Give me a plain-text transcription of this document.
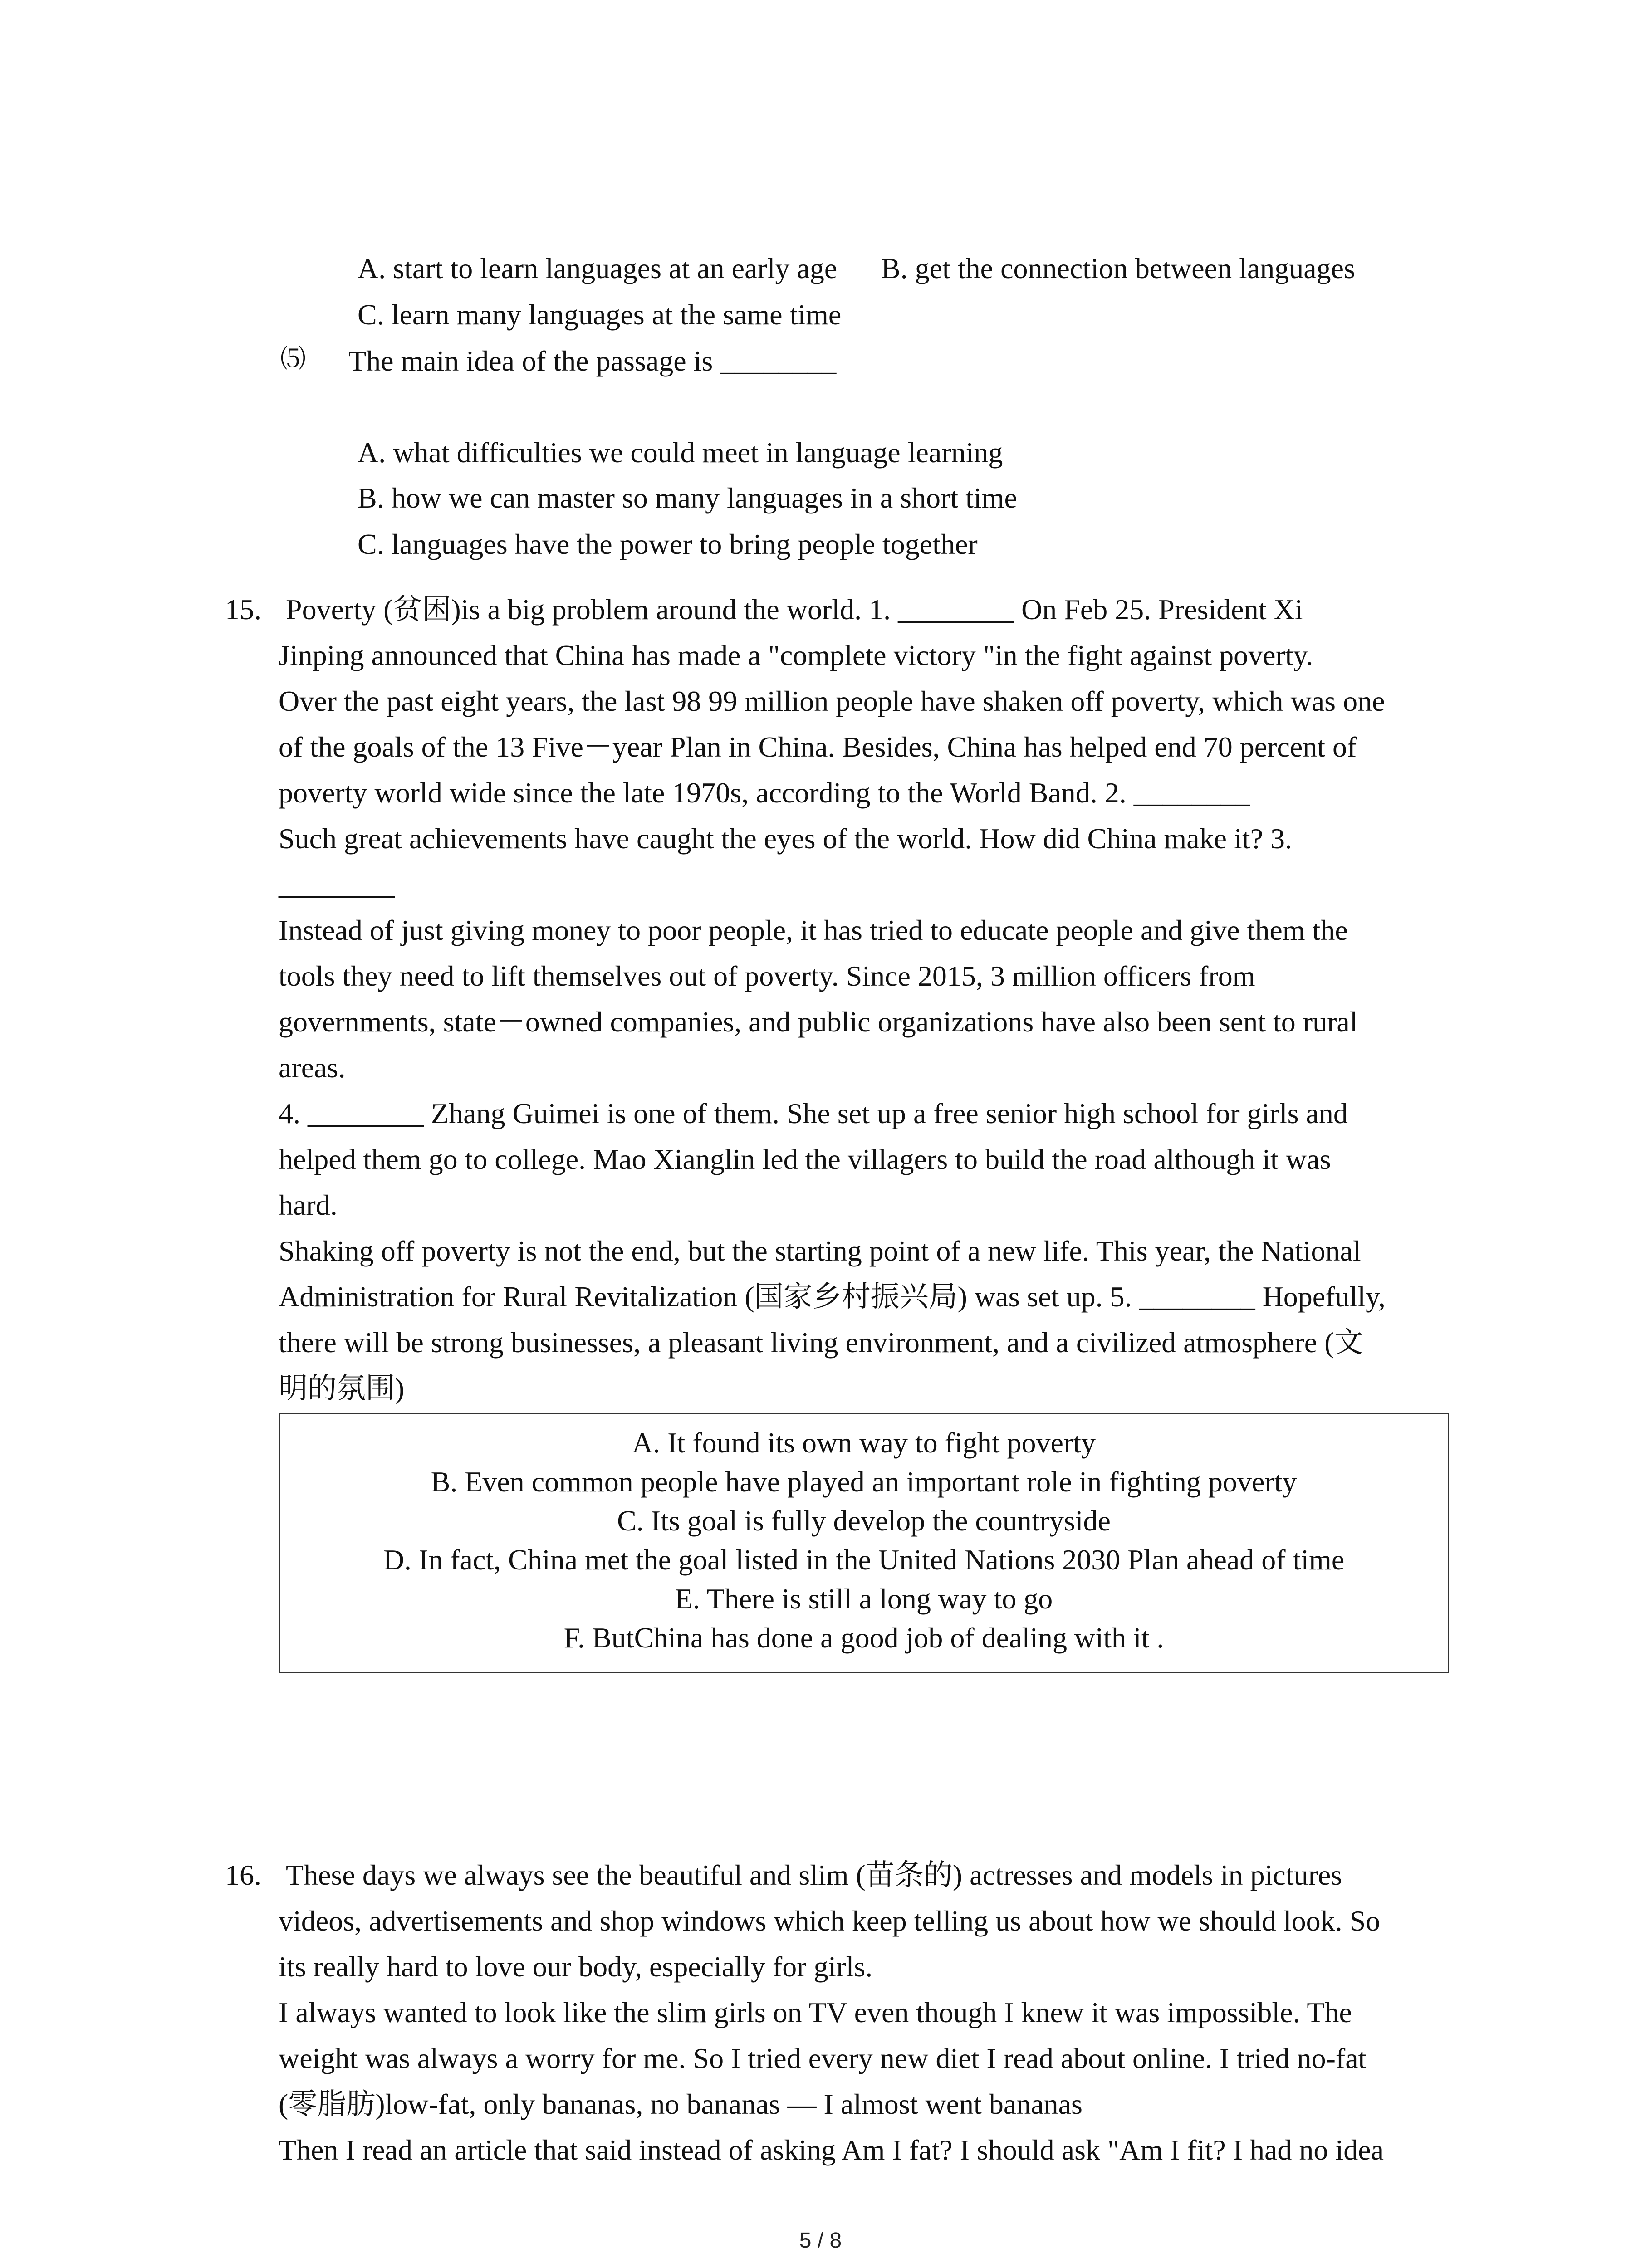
A. start to learn languages at an early age B. get the connection between languages
C. learn many languages at the same time
⑸ The main idea of the passage is ________
A. what difficulties we could meet in language learning
B. how we can master so many languages in a short time
C. languages have the power to bring people together
15. Poverty (贫困)is a big problem around the world. 1. ________ On Feb 25. President Xi
Jinping announced that China has made a "complete victory "in the fight against poverty.
Over the past eight years, the last 98 99 million people have shaken off poverty, which was one
of the goals of the 13 Five－year Plan in China. Besides, China has helped end 70 percent of
poverty world wide since the late 1970s, according to the World Band. 2. ________
Such great achievements have caught the eyes of the world. How did China make it? 3.
________
Instead of just giving money to poor people, it has tried to educate people and give them the
tools they need to lift themselves out of poverty. Since 2015, 3 million officers from
governments, state－owned companies, and public organizations have also been sent to rural
areas.
4. ________ Zhang Guimei is one of them. She set up a free senior high school for girls and
helped them go to college. Mao Xianglin led the villagers to build the road although it was
hard.
Shaking off poverty is not the end, but the starting point of a new life. This year, the National
Administration for Rural Revitalization (国家乡村振兴局) was set up. 5. ________ Hopefully,
there will be strong businesses, a pleasant living environment, and a civilized atmosphere (文
明的氛围)
A. It found its own way to fight poverty
B. Even common people have played an important role in fighting poverty
C. Its goal is fully develop the countryside
D. In fact, China met the goal listed in the United Nations 2030 Plan ahead of time
E. There is still a long way to go
F. ButChina has done a good job of dealing with it .
16. These days we always see the beautiful and slim (苗条的) actresses and models in pictures
videos, advertisements and shop windows which keep telling us about how we should look. So
its really hard to love our body, especially for girls.
I always wanted to look like the slim girls on TV even though I knew it was impossible. The
weight was always a worry for me. So I tried every new diet I read about online. I tried no-fat
(零脂肪)low-fat, only bananas, no bananas — I almost went bananas
Then I read an article that said instead of asking Am I fat? I should ask "Am I fit? I had no idea
5 / 8
